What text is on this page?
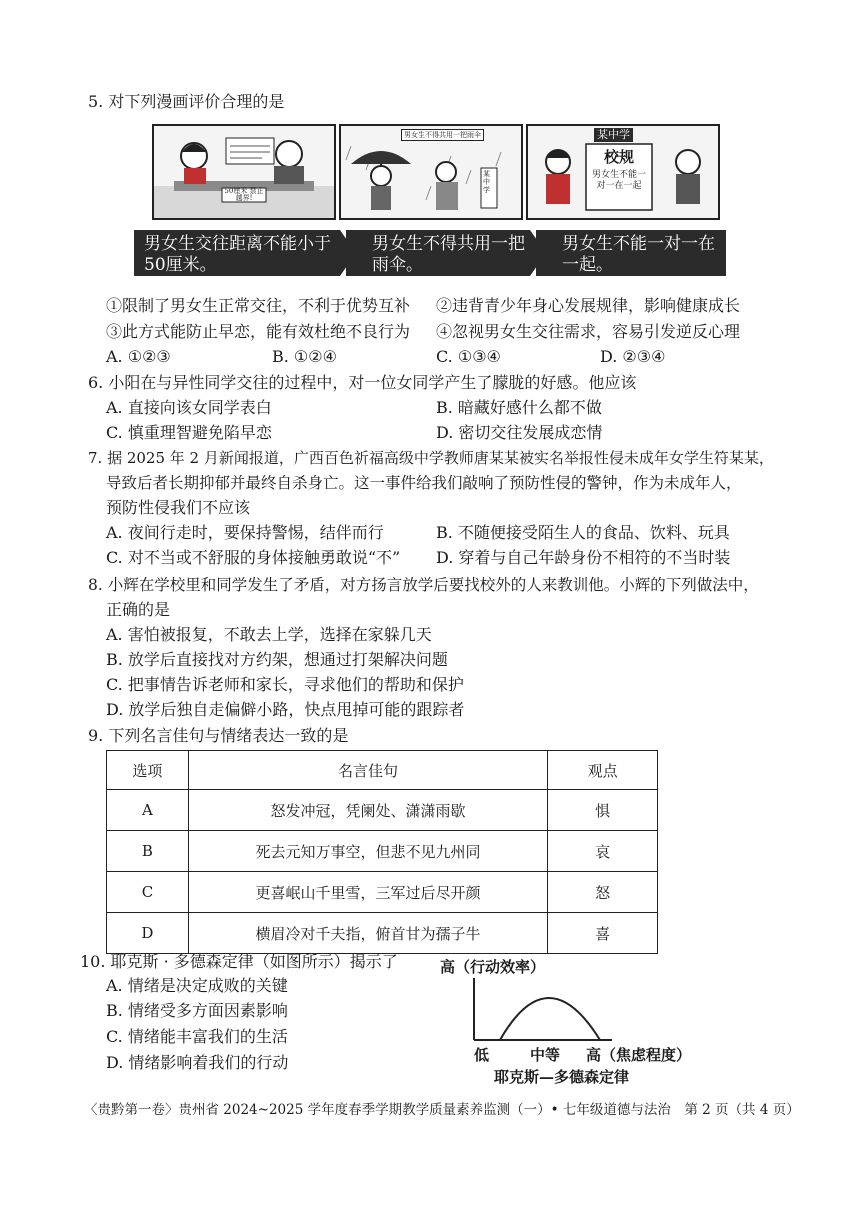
5. 对下列漫画评价合理的是
50厘米 禁止越界!
男女生不得共用一把雨伞
某中学
某中学
校规
男女生不能一对一在一起
男女生交往距离不能小于50厘米。
男女生不得共用一把雨伞。
男女生不能一对一在一起。
①限制了男女生正常交往，不利于优势互补 ②违背青少年身心发展规律，影响健康成长
③此方式能防止早恋，能有效杜绝不良行为 ④忽视男女生交往需求，容易引发逆反心理
A. ①②③	B. ①②④	C. ①③④	D. ②③④
6. 小阳在与异性同学交往的过程中，对一位女同学产生了朦胧的好感。他应该
A. 直接向该女同学表白	B. 暗藏好感什么都不做
C. 慎重理智避免陷早恋	D. 密切交往发展成恋情
7. 据 2025 年 2 月新闻报道，广西百色祈福高级中学教师唐某某被实名举报性侵未成年女学生符某某，
导致后者长期抑郁并最终自杀身亡。这一事件给我们敲响了预防性侵的警钟，作为未成年人，
预防性侵我们不应该
A. 夜间行走时，要保持警惕，结伴而行	B. 不随便接受陌生人的食品、饮料、玩具
C. 对不当或不舒服的身体接触勇敢说“不” D. 穿着与自己年龄身份不相符的不当时装
8. 小辉在学校里和同学发生了矛盾，对方扬言放学后要找校外的人来教训他。小辉的下列做法中，
正确的是
A. 害怕被报复，不敢去上学，选择在家躲几天
B. 放学后直接找对方约架，想通过打架解决问题
C. 把事情告诉老师和家长，寻求他们的帮助和保护
D. 放学后独自走偏僻小路，快点甩掉可能的跟踪者
9. 下列名言佳句与情绪表达一致的是
选项	名言佳句	观点
A	怒发冲冠，凭阑处、潇潇雨歇	惧
B	死去元知万事空，但悲不见九州同	哀
C	更喜岷山千里雪，三军过后尽开颜	怒
D	横眉冷对千夫指，俯首甘为孺子牛	喜
10. 耶克斯 · 多德森定律（如图所示）揭示了
A. 情绪是决定成败的关键
B. 情绪受多方面因素影响
C. 情绪能丰富我们的生活
D. 情绪影响着我们的行动
高（行动效率）
低	中等 高（焦虑程度）
耶克斯—多德森定律
〈贵黔第一卷〉贵州省 2024~2025 学年度春季学期教学质量素养监测（一）• 七年级道德与法治　第 2 页（共 4 页）
